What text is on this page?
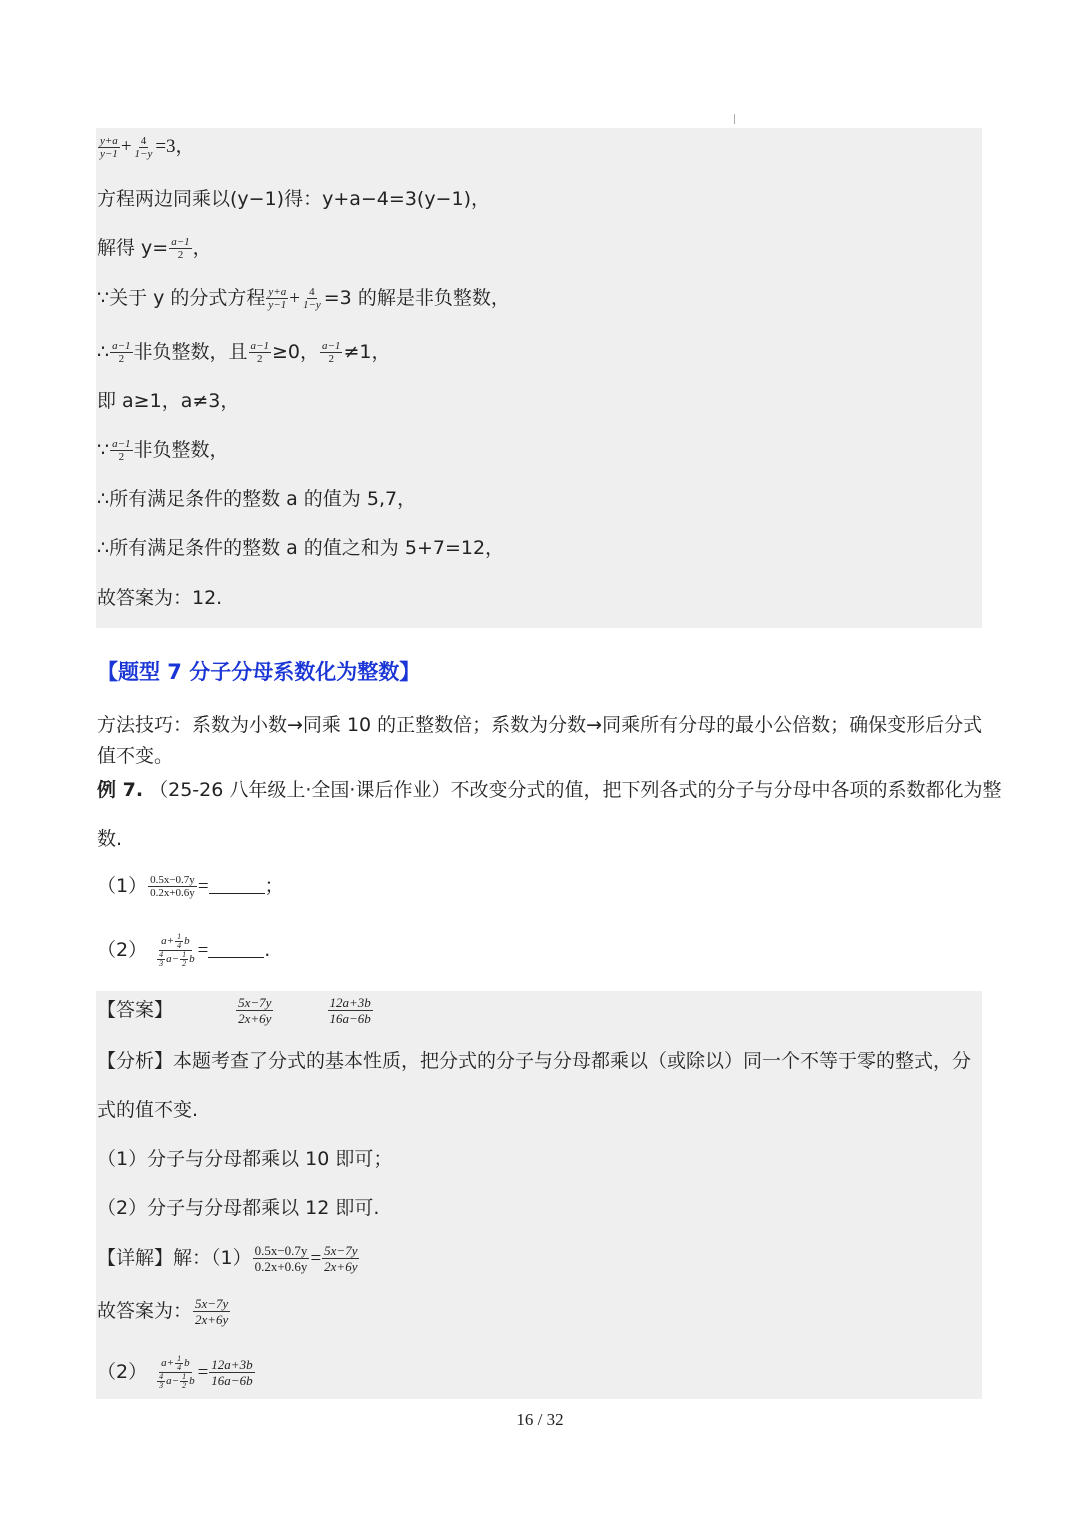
$\frac{y+a}{y-1} + \frac{4}{1-y} =3$，
方程两边同乘以(y−1)得：y+a−4=3(y−1)，
解得 $y= \frac{a-1}{2}$ ，
∵关于 y 的分式方程 $\frac{y+a}{y-1} + \frac{4}{1-y} =3$ 的解是非负整数，
∴ $\frac{a-1}{2}$ 非负整数，且 $\frac{a-1}{2} \ge 0$， $\frac{a-1}{2} \ne 1$，
即 a≥1，a≠3，
∵ $\frac{a-1}{2}$ 非负整数，
∴所有满足条件的整数 a 的值为 5,7，
∴所有满足条件的整数 a 的值之和为 5+7=12，
故答案为：12.
【题型 7 分子分母系数化为整数】
方法技巧：系数为小数→同乘 10 的正整数倍；系数为分数→同乘所有分母的最小公倍数；确保变形后分式
值不变。
例 7. （25-26 八年级上·全国·课后作业）不改变分式的值，把下列各式的分子与分母中各项的系数都化为整
数.
$(1) \frac{0.5x-0.7y}{0.2x+0.6y}$ =	；
$(2) \frac{a+ \frac{1}{4} b}{\frac{4}{3} a- \frac{1}{2} b}$ =	.
【答案】	$\frac{5x-7y}{2x+6y}$
	$\frac{12a+3b}{16a-6b}$
【分析】本题考查了分式的基本性质，把分式的分子与分母都乘以（或除以）同一个不等于零的整式，分
式的值不变.
（1）分子与分母都乘以 10 即可；
（2）分子与分母都乘以 12 即可.
【详解】解：$(1) \frac{0.5x-0.7y}{0.2x+0.6y} = \frac{5x-7y}{2x+6y}$
故答案为： $\frac{5x-7y}{2x+6y}$
$(2) \frac{a+ \frac{1}{4} b}{\frac{4}{3} a- \frac{1}{2} b} = \frac{12a+3b}{16a-6b}$
16 / 32
